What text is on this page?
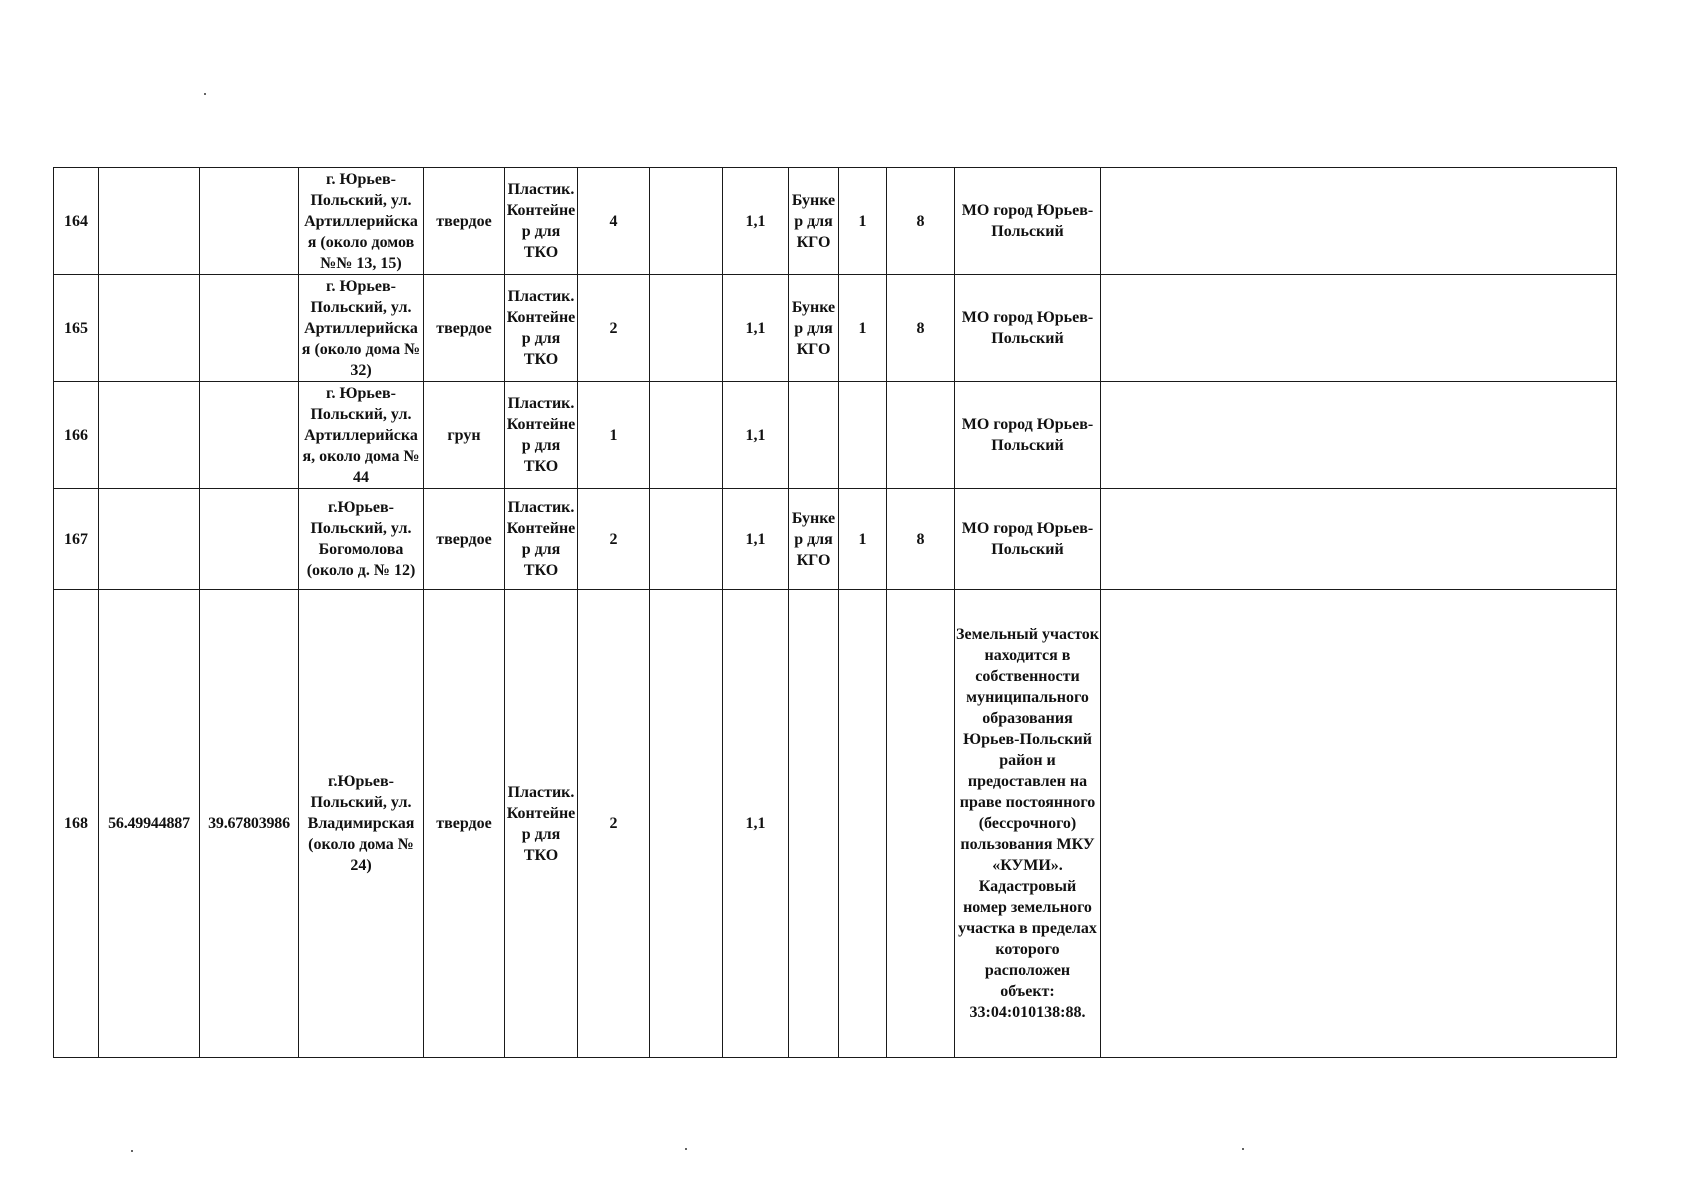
164			г. Юрьев-Польский, ул. Артиллерийская (около домов №№ 13, 15)	твердое	Пластик. Контейнер для ТКО	4		1,1	Бункер для КГО	1	8	МО город Юрьев-Польский	
165			г. Юрьев-Польский, ул. Артиллерийская (около дома № 32)	твердое	Пластик. Контейнер для ТКО	2		1,1	Бункер для КГО	1	8	МО город Юрьев-Польский	
166			г. Юрьев-Польский, ул. Артиллерийская, около дома № 44	грун	Пластик. Контейнер для ТКО	1		1,1				МО город Юрьев-Польский	
167			г.Юрьев-Польский, ул. Богомолова (около д. № 12)	твердое	Пластик. Контейнер для ТКО	2		1,1	Бункер для КГО	1	8	МО город Юрьев-Польский	
168	56.49944887	39.67803986	г.Юрьев-Польский, ул. Владимирская (около дома № 24)	твердое	Пластик. Контейнер для ТКО	2		1,1				Земельный участок находится в собственности муниципального образования Юрьев-Польский район и предоставлен на праве постоянного (бессрочного) пользования МКУ «КУМИ». Кадастровый номер земельного участка в пределах которого расположен объект: 33:04:010138:88.	
